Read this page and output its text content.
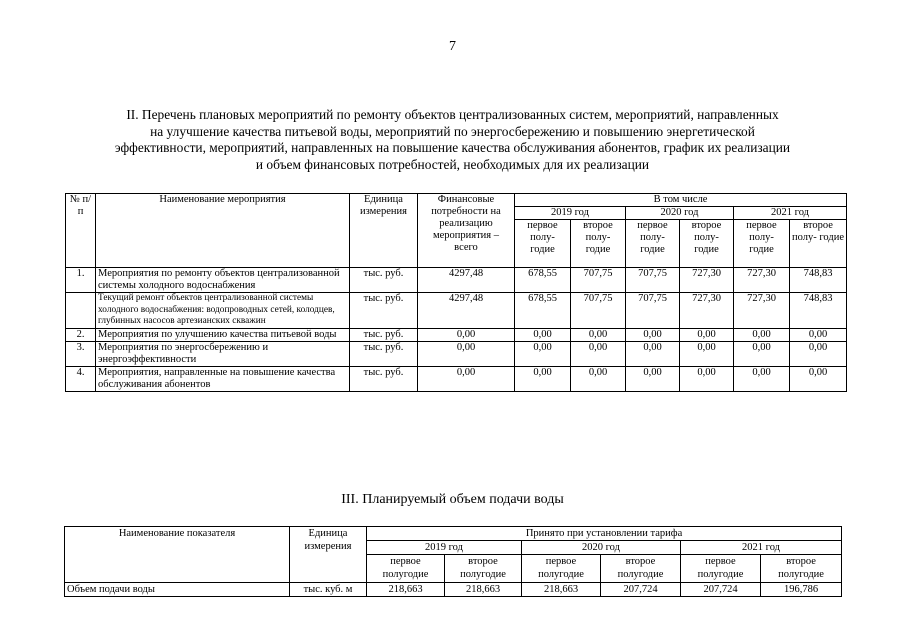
7
II. Перечень плановых мероприятий по ремонту объектов централизованных систем, мероприятий, направленных
на улучшение качества питьевой воды, мероприятий по энергосбережению и повышению энергетической
эффективности, мероприятий, направленных на повышение качества обслуживания абонентов, график их реализации
и объем финансовых потребностей, необходимых для их реализации
№ п/п	Наименование мероприятия	Единица измерения	Финансовые потребности на реализацию мероприятия – всего	В том числе					
				2019 год		2020 год		2021 год	
				первое полу- годие	второе полу- годие	первое полу- годие	второе полу- годие	первое полу- годие	второе полу- годие

1.	Мероприятия по ремонту объектов централизованной системы холодного водоснабжения	тыс. руб.	4297,48	678,55	707,75	707,75	727,30	727,30	748,83
	Текущий ремонт объектов централизованной системы холодного водоснабжения: водопроводных сетей, колодцев, глубинных насосов артезианских скважин	тыс. руб.	4297,48	678,55	707,75	707,75	727,30	727,30	748,83
2.	Мероприятия по улучшению качества питьевой воды	тыс. руб.	0,00	0,00	0,00	0,00	0,00	0,00	0,00
3.	Мероприятия по энергосбережению и энергоэффективности	тыс. руб.	0,00	0,00	0,00	0,00	0,00	0,00	0,00
4.	Мероприятия, направленные на повышение качества обслуживания абонентов	тыс. руб.	0,00	0,00	0,00	0,00	0,00	0,00	0,00
III. Планируемый объем подачи воды
Наименование показателя	Единица измерения	Принято при установлении тарифа					
		2019 год		2020 год		2021 год	
		первое полугодие	второе полугодие	первое полугодие	второе полугодие	первое полугодие	второе полугодие

Объем подачи воды	тыс. куб. м	218,663	218,663	218,663	207,724	207,724	196,786
